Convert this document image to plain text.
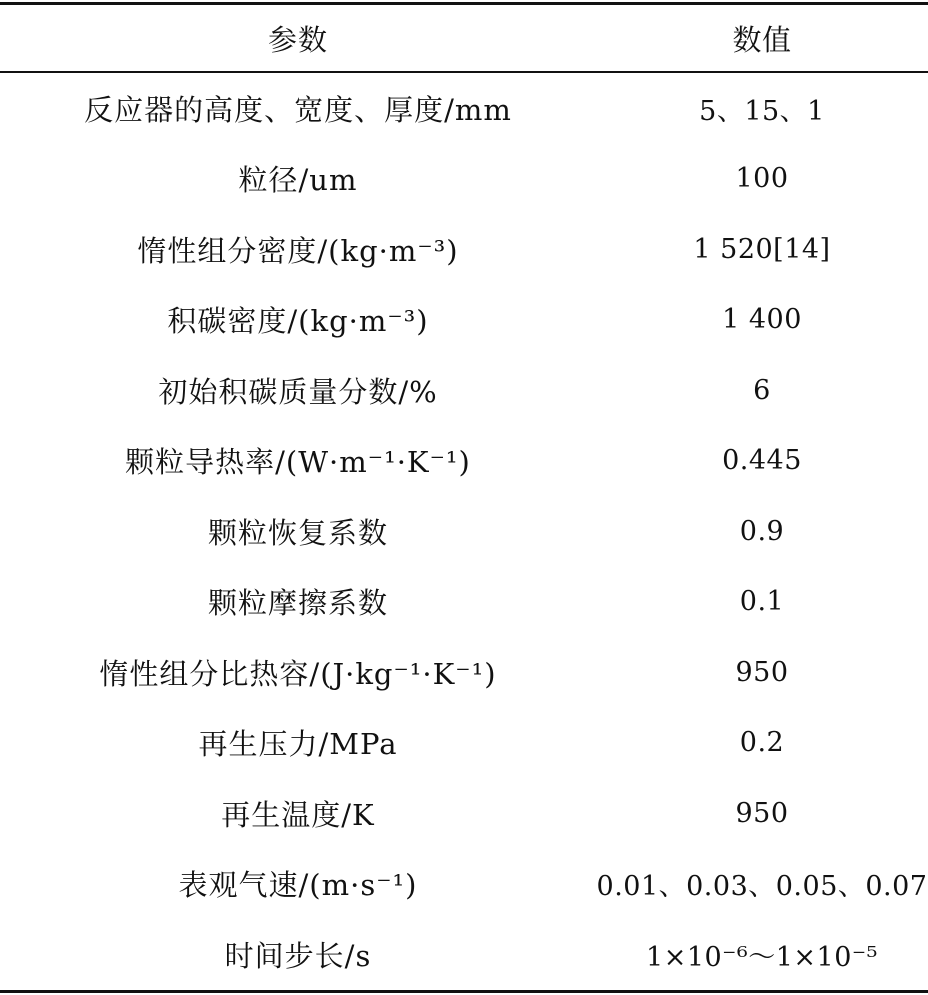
参数	数值
反应器的高度、宽度、厚度/mm	5、15、1
粒径/um	100
惰性组分密度/(kg·m⁻³)	1 520[14]
积碳密度/(kg·m⁻³)	1 400
初始积碳质量分数/%	6
颗粒导热率/(W·m⁻¹·K⁻¹)	0.445
颗粒恢复系数	0.9
颗粒摩擦系数	0.1
惰性组分比热容/(J·kg⁻¹·K⁻¹)	950
再生压力/MPa	0.2
再生温度/K	950
表观气速/(m·s⁻¹)	0.01、0.03、0.05、0.07
时间步长/s	1×10⁻⁶～1×10⁻⁵
